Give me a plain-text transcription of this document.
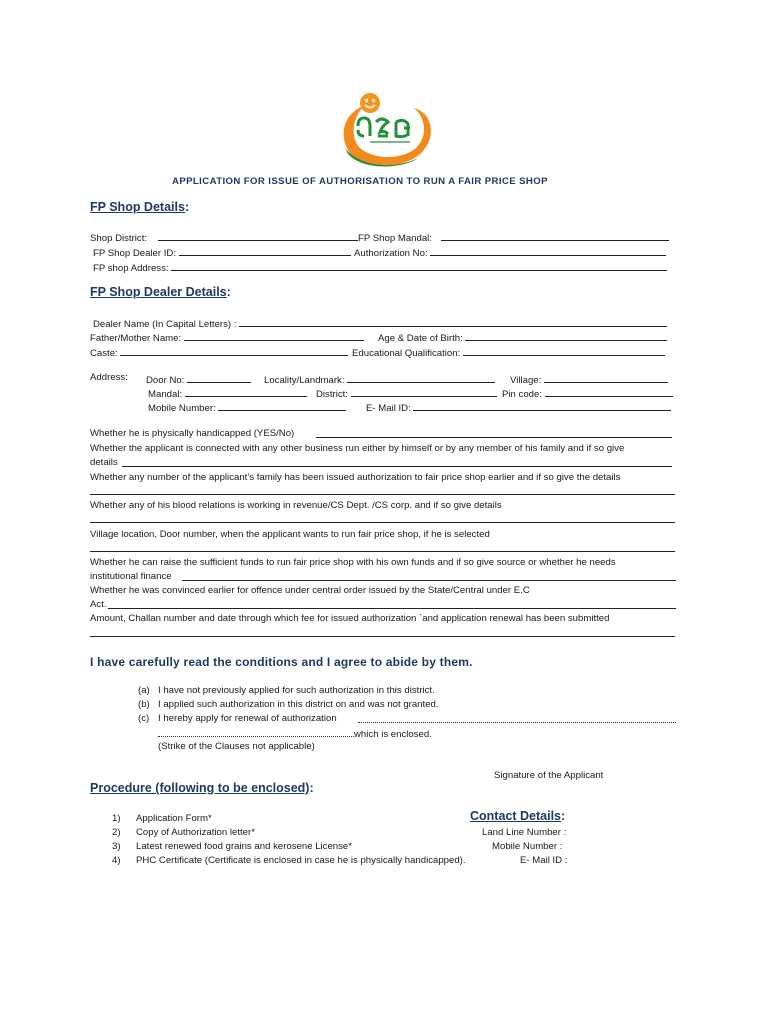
APPLICATION FOR ISSUE OF AUTHORISATION TO RUN A FAIR PRICE SHOP
FP Shop Details:
Shop District:	FP Shop Mandal:
FP Shop Dealer ID:	Authorization No:
FP shop Address:
FP Shop Dealer Details:
Dealer Name (In Capital Letters) :
Father/Mother Name:	Age & Date of Birth:
Caste:	Educational Qualification:
Address: Door No:	Locality/Landmark:	Village:
Mandal:	District:	Pin code:
Mobile Number:	E- Mail ID:
Whether he is physically handicapped (YES/No)
Whether the applicant is connected with any other business run either by himself or by any member of his family and if so give
details
Whether any number of the applicant’s family has been issued authorization to fair price shop earlier and if so give the details
Whether any of his blood relations is working in revenue/CS Dept. /CS corp. and if so give details
Village location, Door number, when the applicant wants to run fair price shop, if he is selected
Whether he can raise the sufficient funds to run fair price shop with his own funds and if so give source or whether he needs
institutional finance
Whether he was convinced earlier for offence under central order issued by the State/Central under E.C
Act.
Amount, Challan number and date through which fee for issued authorization `and application renewal has been submitted
I have carefully read the conditions and I agree to abide by them.
(a) I have not previously applied for such authorization in this district.
(b) I applied such authorization in this district on and was not granted.
(c) I hereby apply for renewal of authorization
which is enclosed.
(Strike of the Clauses not applicable)
Signature of the Applicant
Procedure (following to be enclosed):
1) Application Form*
2) Copy of Authorization letter*
3) Latest renewed food grains and kerosene License*
4) PHC Certificate (Certificate is enclosed in case he is physically handicapped).
Contact Details:
Land Line Number :
Mobile Number :
E- Mail ID :
